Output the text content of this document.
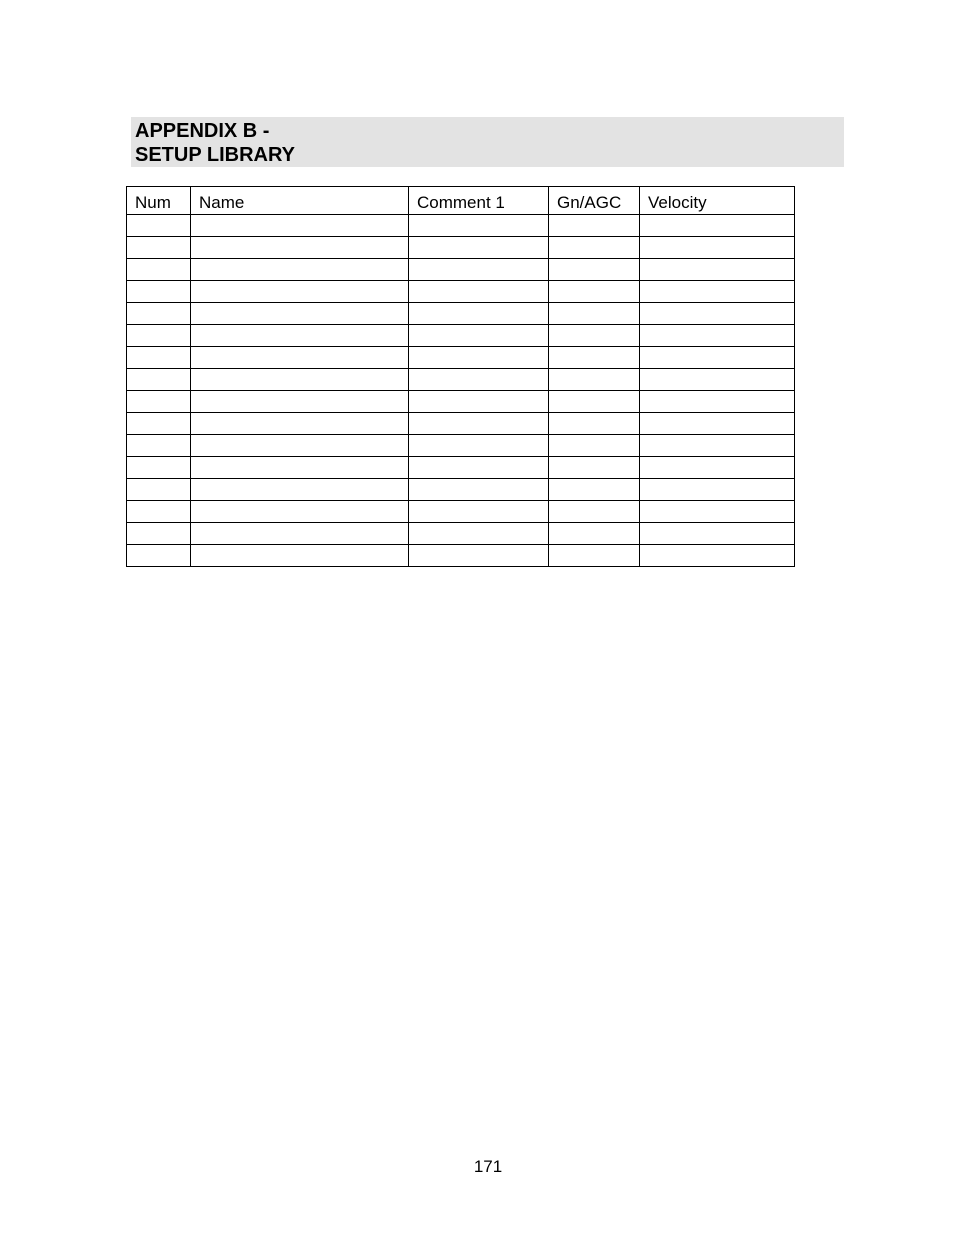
APPENDIX B -
SETUP LIBRARY
Num	Name	Comment 1	Gn/AGC	Velocity

171
